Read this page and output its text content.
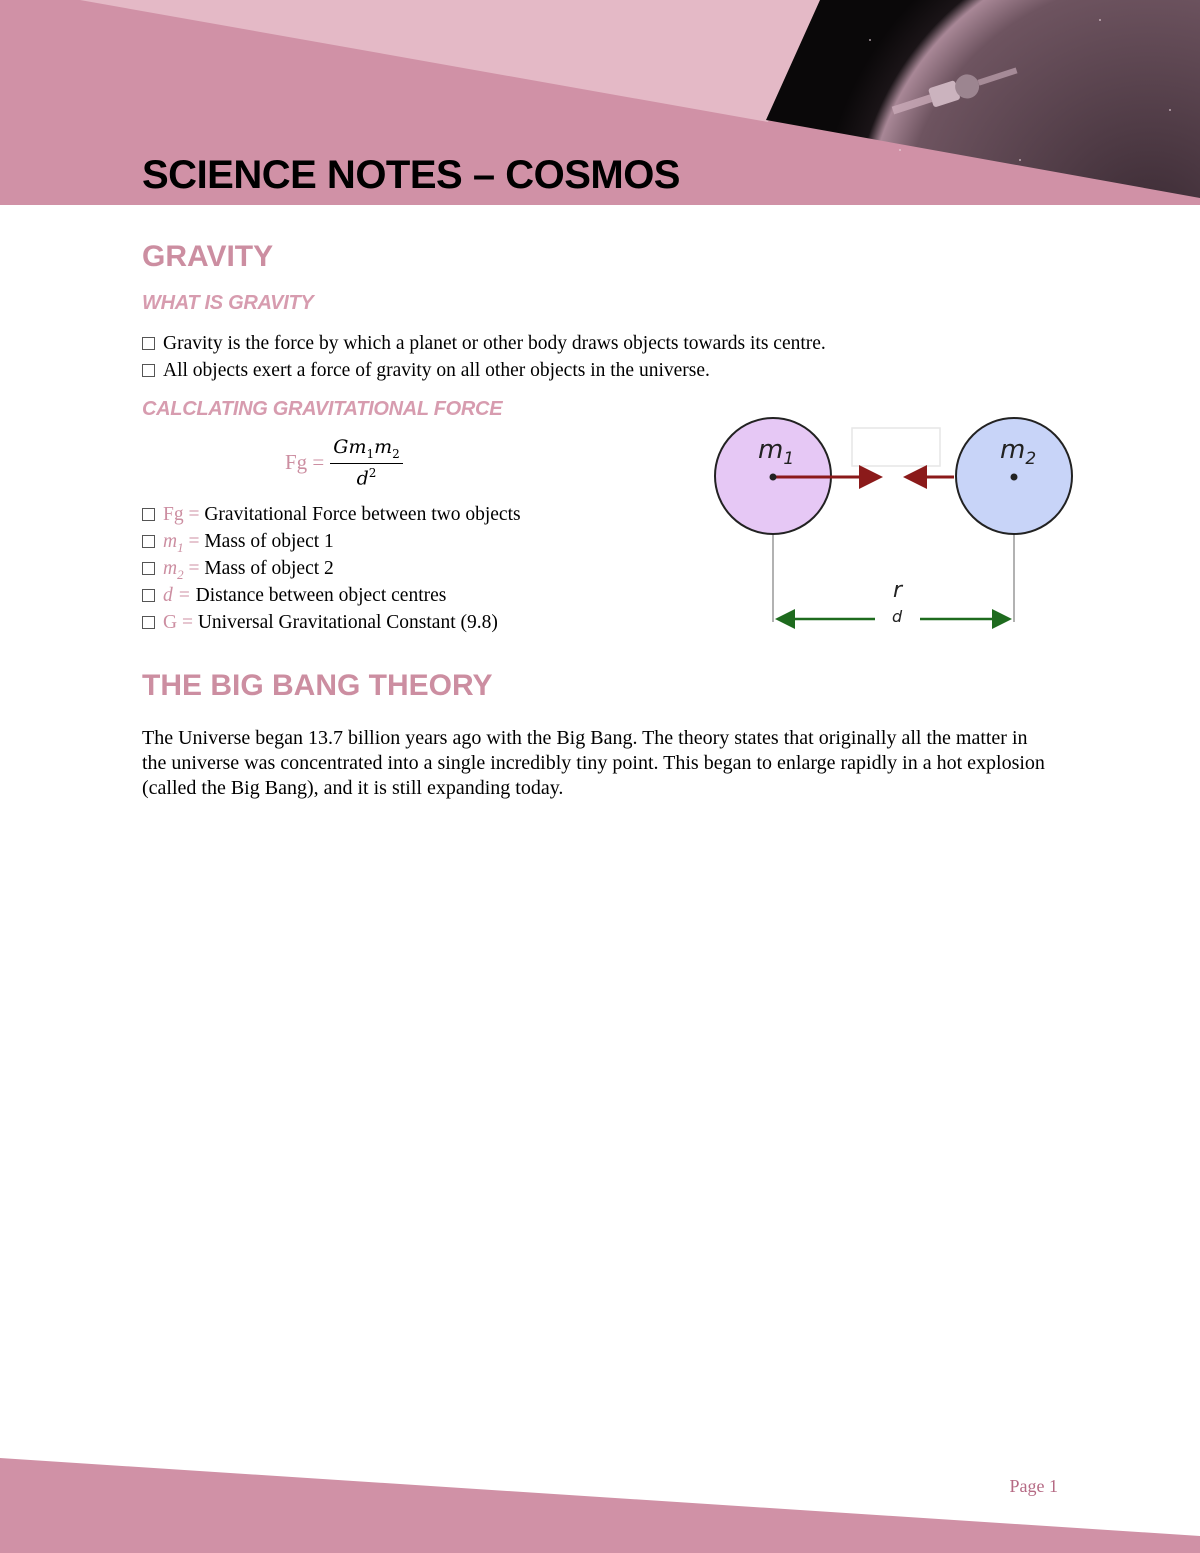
SCIENCE NOTES – COSMOS
GRAVITY
WHAT IS GRAVITY
Gravity is the force by which a planet or other body draws objects towards its centre.
All objects exert a force of gravity on all other objects in the universe.
CALCLATING GRAVITATIONAL FORCE
$Fg = \frac{Gm_1m_2}{d^2}$
Fg = Gravitational Force between two objects
$m_1$ = Mass of object 1
$m_2$ = Mass of object 2
d = Distance between object centres
G = Universal Gravitational Constant (9.8)
$m_1$	$m_2$
r
d
THE BIG BANG THEORY

The Universe began 13.7 billion years ago with the Big Bang. The theory states that originally all the matter in the universe was concentrated into a single incredibly tiny point. This began to enlarge rapidly in a hot explosion (called the Big Bang), and it is still expanding today.

Page 1
